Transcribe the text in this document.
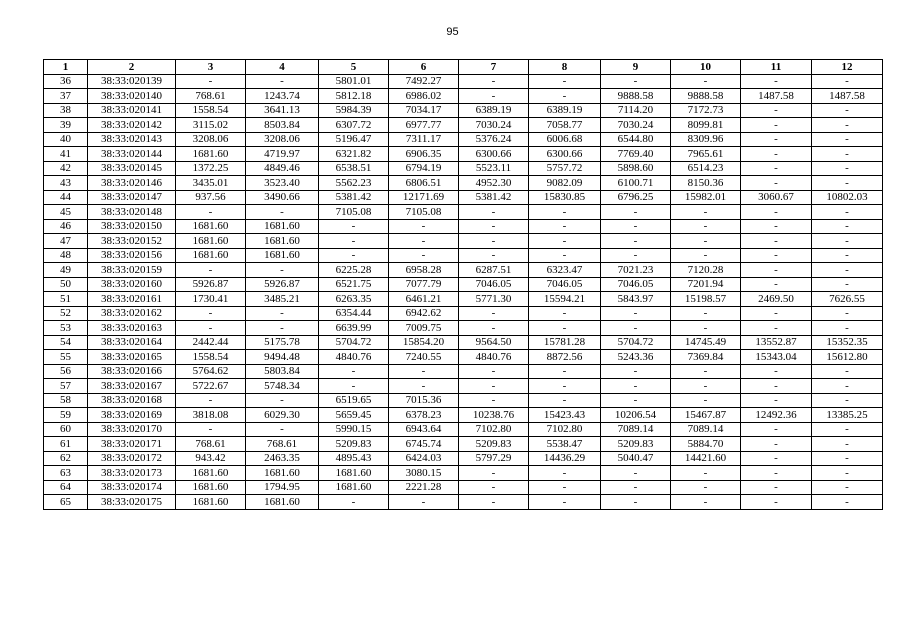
95
1	2	3	4	5	6	7	8	9	10	11	12
36	38:33:020139	-	-	5801.01	7492.27	-	-	-	-	-	-
37	38:33:020140	768.61	1243.74	5812.18	6986.02	-	-	9888.58	9888.58	1487.58	1487.58
38	38:33:020141	1558.54	3641.13	5984.39	7034.17	6389.19	6389.19	7114.20	7172.73	-	-
39	38:33:020142	3115.02	8503.84	6307.72	6977.77	7030.24	7058.77	7030.24	8099.81	-	-
40	38:33:020143	3208.06	3208.06	5196.47	7311.17	5376.24	6006.68	6544.80	8309.96	-	-
41	38:33:020144	1681.60	4719.97	6321.82	6906.35	6300.66	6300.66	7769.40	7965.61	-	-
42	38:33:020145	1372.25	4849.46	6538.51	6794.19	5523.11	5757.72	5898.60	6514.23	-	-
43	38:33:020146	3435.01	3523.40	5562.23	6806.51	4952.30	9082.09	6100.71	8150.36	-	-
44	38:33:020147	937.56	3490.66	5381.42	12171.69	5381.42	15830.85	6796.25	15982.01	3060.67	10802.03
45	38:33:020148	-	-	7105.08	7105.08	-	-	-	-	-	-
46	38:33:020150	1681.60	1681.60	-	-	-	-	-	-	-	-
47	38:33:020152	1681.60	1681.60	-	-	-	-	-	-	-	-
48	38:33:020156	1681.60	1681.60	-	-	-	-	-	-	-	-
49	38:33:020159	-	-	6225.28	6958.28	6287.51	6323.47	7021.23	7120.28	-	-
50	38:33:020160	5926.87	5926.87	6521.75	7077.79	7046.05	7046.05	7046.05	7201.94	-	-
51	38:33:020161	1730.41	3485.21	6263.35	6461.21	5771.30	15594.21	5843.97	15198.57	2469.50	7626.55
52	38:33:020162	-	-	6354.44	6942.62	-	-	-	-	-	-
53	38:33:020163	-	-	6639.99	7009.75	-	-	-	-	-	-
54	38:33:020164	2442.44	5175.78	5704.72	15854.20	9564.50	15781.28	5704.72	14745.49	13552.87	15352.35
55	38:33:020165	1558.54	9494.48	4840.76	7240.55	4840.76	8872.56	5243.36	7369.84	15343.04	15612.80
56	38:33:020166	5764.62	5803.84	-	-	-	-	-	-	-	-
57	38:33:020167	5722.67	5748.34	-	-	-	-	-	-	-	-
58	38:33:020168	-	-	6519.65	7015.36	-	-	-	-	-	-
59	38:33:020169	3818.08	6029.30	5659.45	6378.23	10238.76	15423.43	10206.54	15467.87	12492.36	13385.25
60	38:33:020170	-	-	5990.15	6943.64	7102.80	7102.80	7089.14	7089.14	-	-
61	38:33:020171	768.61	768.61	5209.83	6745.74	5209.83	5538.47	5209.83	5884.70	-	-
62	38:33:020172	943.42	2463.35	4895.43	6424.03	5797.29	14436.29	5040.47	14421.60	-	-
63	38:33:020173	1681.60	1681.60	1681.60	3080.15	-	-	-	-	-	-
64	38:33:020174	1681.60	1794.95	1681.60	2221.28	-	-	-	-	-	-
65	38:33:020175	1681.60	1681.60	-	-	-	-	-	-	-	-
